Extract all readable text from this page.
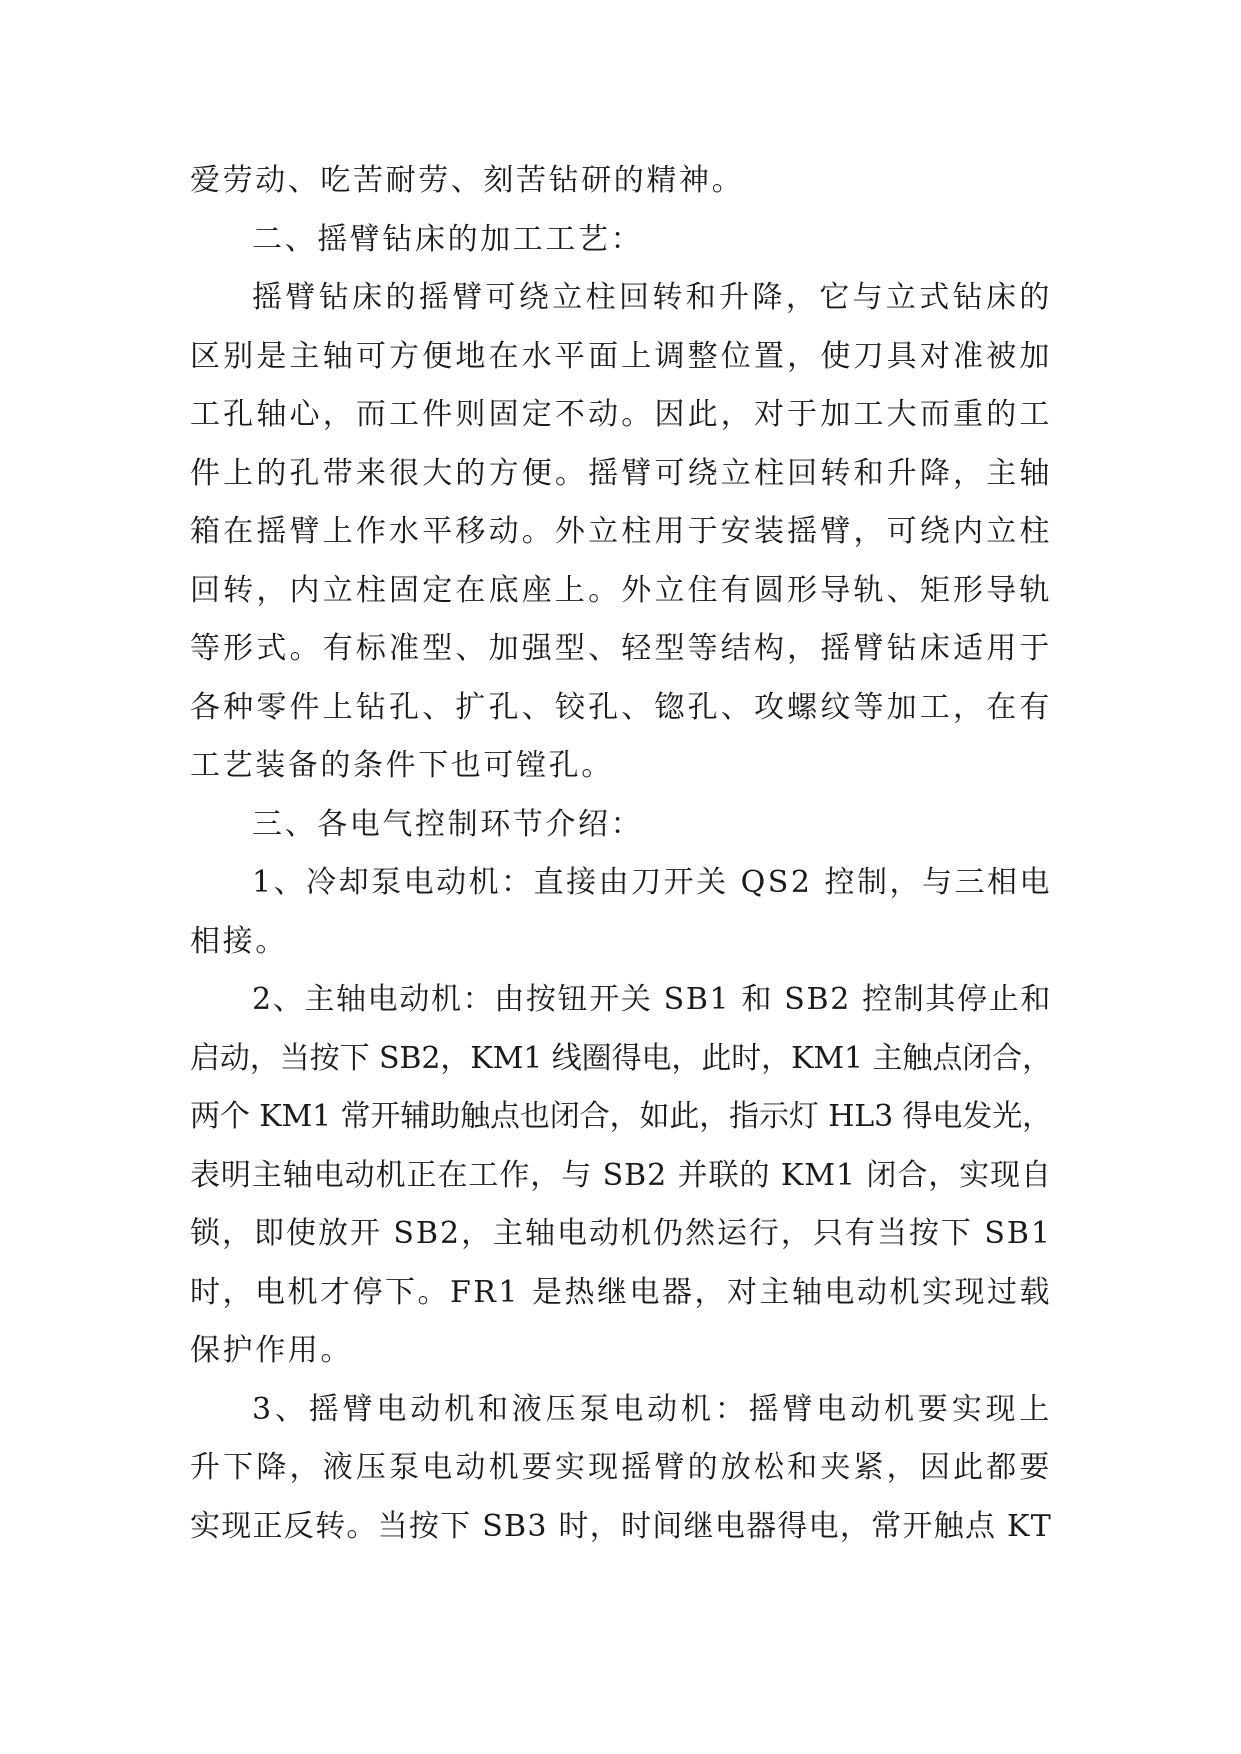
爱劳动、吃苦耐劳、刻苦钻研的精神。
二、摇臂钻床的加工工艺：
摇臂钻床的摇臂可绕立柱回转和升降，它与立式钻床的
区别是主轴可方便地在水平面上调整位置，使刀具对准被加
工孔轴心，而工件则固定不动。因此，对于加工大而重的工
件上的孔带来很大的方便。摇臂可绕立柱回转和升降，主轴
箱在摇臂上作水平移动。外立柱用于安装摇臂，可绕内立柱
回转，内立柱固定在底座上。外立住有圆形导轨、矩形导轨
等形式。有标准型、加强型、轻型等结构，摇臂钻床适用于
各种零件上钻孔、扩孔、铰孔、锪孔、攻螺纹等加工，在有
工艺装备的条件下也可镗孔。
三、各电气控制环节介绍：
1、冷却泵电动机：直接由刀开关 QS2 控制，与三相电
相接。
2、主轴电动机：由按钮开关 SB1 和 SB2 控制其停止和
启动，当按下 SB2，KM1 线圈得电，此时，KM1 主触点闭合，
两个 KM1 常开辅助触点也闭合，如此，指示灯 HL3 得电发光，
表明主轴电动机正在工作，与 SB2 并联的 KM1 闭合，实现自
锁，即使放开 SB2，主轴电动机仍然运行，只有当按下 SB1
时，电机才停下。FR1 是热继电器，对主轴电动机实现过载
保护作用。
3、摇臂电动机和液压泵电动机：摇臂电动机要实现上
升下降，液压泵电动机要实现摇臂的放松和夹紧，因此都要
实现正反转。当按下 SB3 时，时间继电器得电，常开触点 KT
